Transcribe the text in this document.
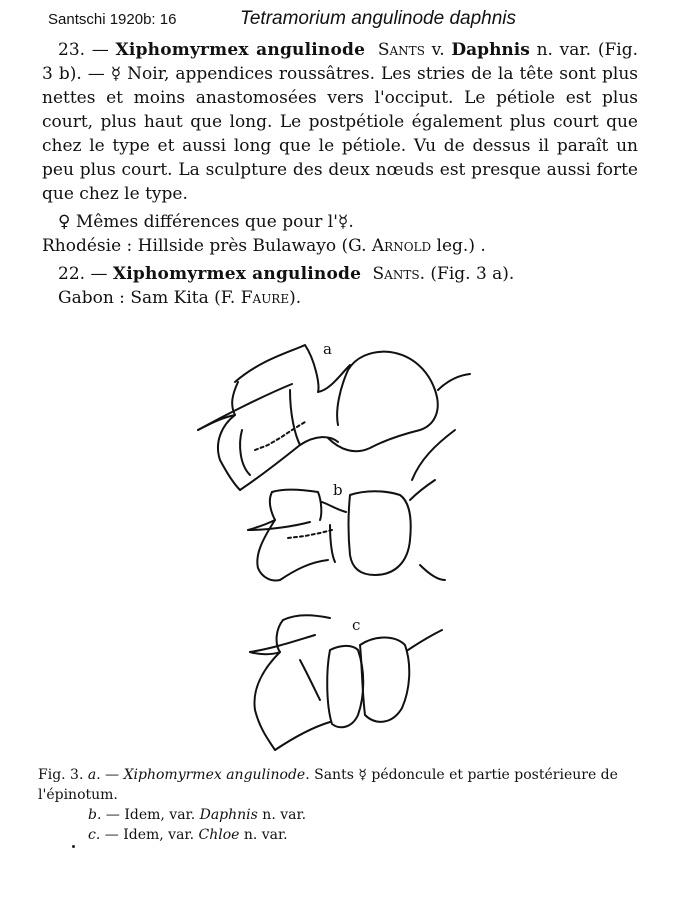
Santschi 1920b: 16	Tetramorium angulinode daphnis

23. — Xiphomyrmex angulinode Sants v. Daphnis n. var. (Fig. 3 b). — ☿ Noir, appendices roussâtres. Les stries de la tête sont plus nettes et moins anastomosées vers l'occiput. Le pétiole est plus court, plus haut que long. Le postpétiole également plus court que chez le type et aussi long que le pétiole. Vu de dessus il paraît un peu plus court. La sculpture des deux nœuds est presque aussi forte que chez le type.

♀ Mêmes différences que pour l'☿.

Rhodésie : Hillside près Bulawayo (G. Arnold leg.) .

22. — Xiphomyrmex angulinode Sants. (Fig. 3 a).

Gabon : Sam Kita (F. Faure).

a
b
c

Fig. 3. a. — Xiphomyrmex angulinode. Sants ☿ pédoncule et partie postérieure de l'épinotum.

b. — Idem, var. Daphnis n. var.

c. — Idem, var. Chloe n. var.
